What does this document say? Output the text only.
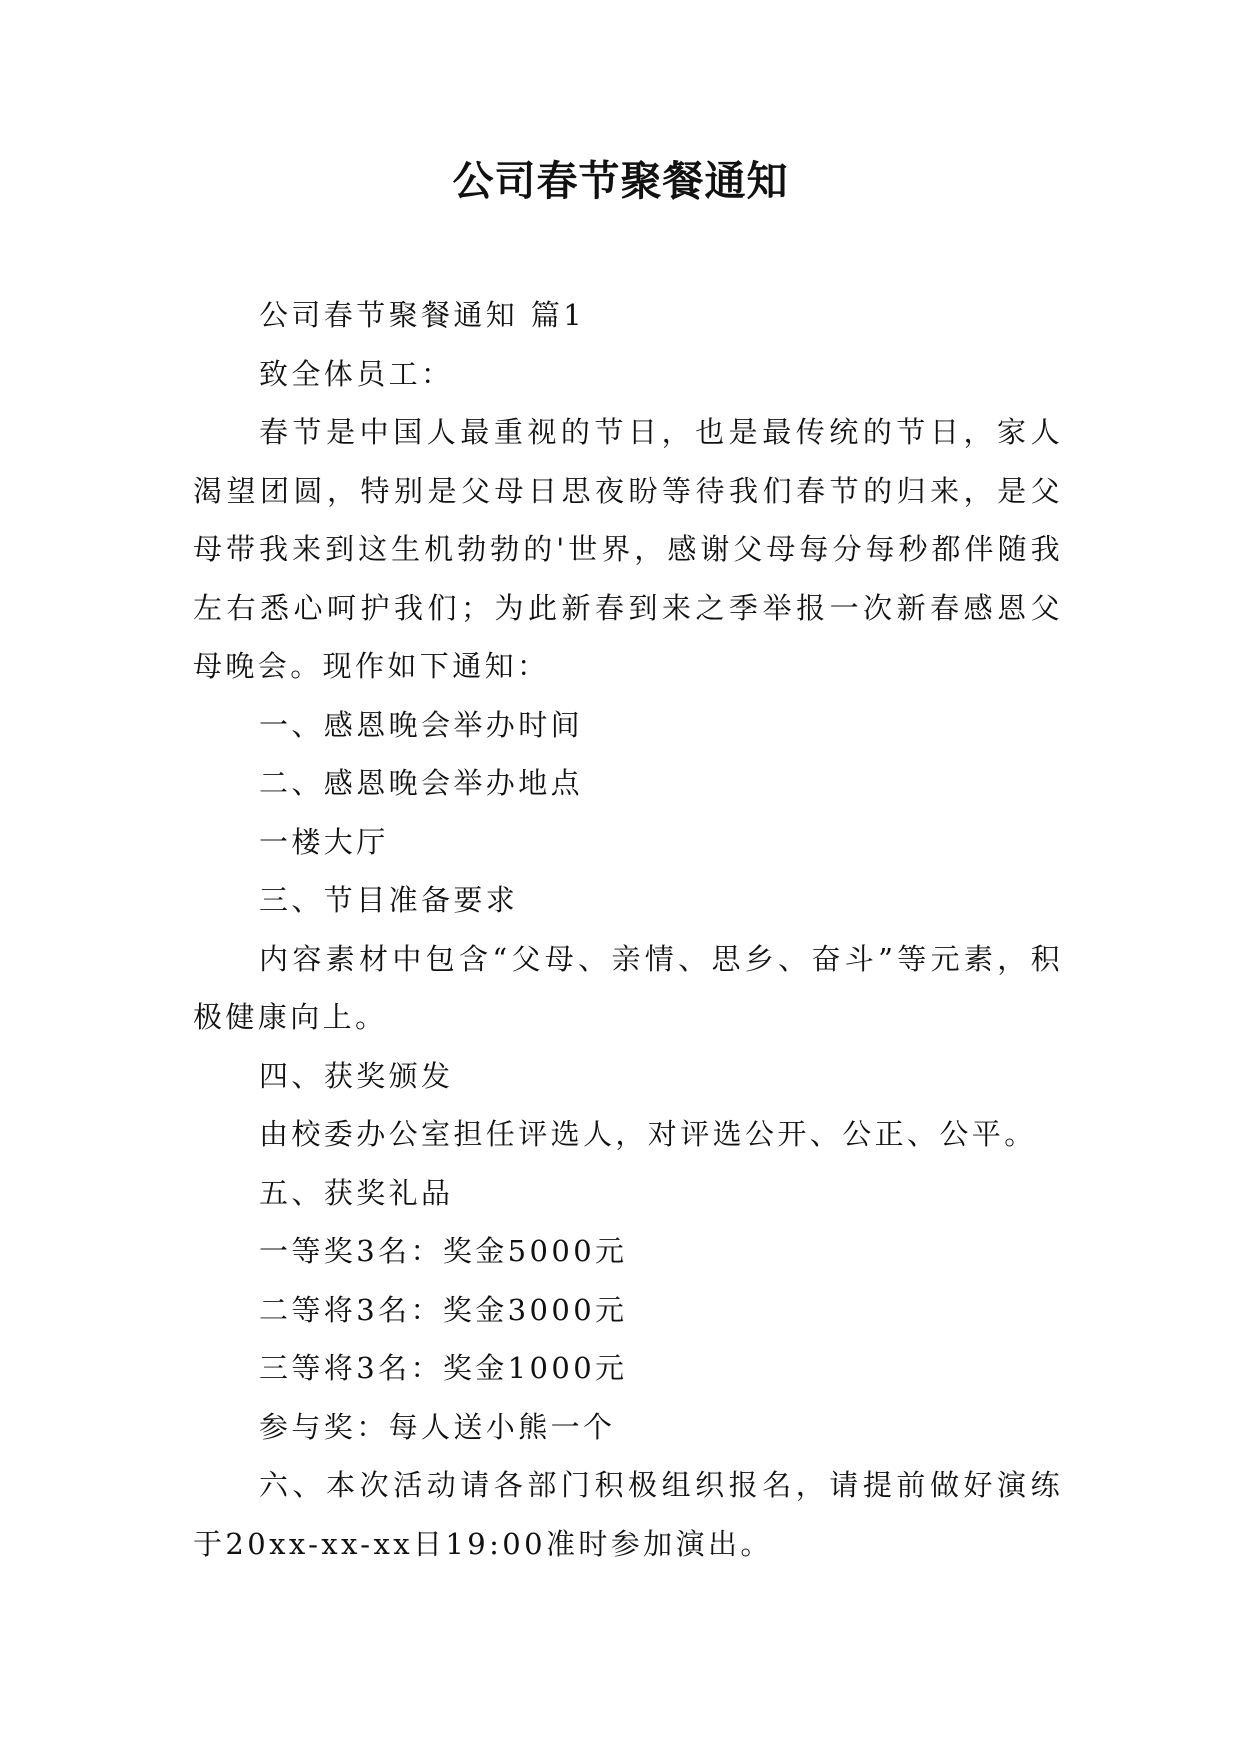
公司春节聚餐通知

公司春节聚餐通知 篇1

致全体员工：

春节是中国人最重视的节日，也是最传统的节日，家人渴望团圆，特别是父母日思夜盼等待我们春节的归来，是父母带我来到这生机勃勃的'世界，感谢父母每分每秒都伴随我左右悉心呵护我们；为此新春到来之季举报一次新春感恩父母晚会。现作如下通知：

一、感恩晚会举办时间

二、感恩晚会举办地点

一楼大厅

三、节目准备要求

内容素材中包含“父母、亲情、思乡、奋斗”等元素，积极健康向上。

四、获奖颁发

由校委办公室担任评选人，对评选公开、公正、公平。

五、获奖礼品

一等奖3名：奖金5000元

二等将3名：奖金3000元

三等将3名：奖金1000元

参与奖：每人送小熊一个

六、本次活动请各部门积极组织报名，请提前做好演练于20xx-xx-xx日19:00准时参加演出。
